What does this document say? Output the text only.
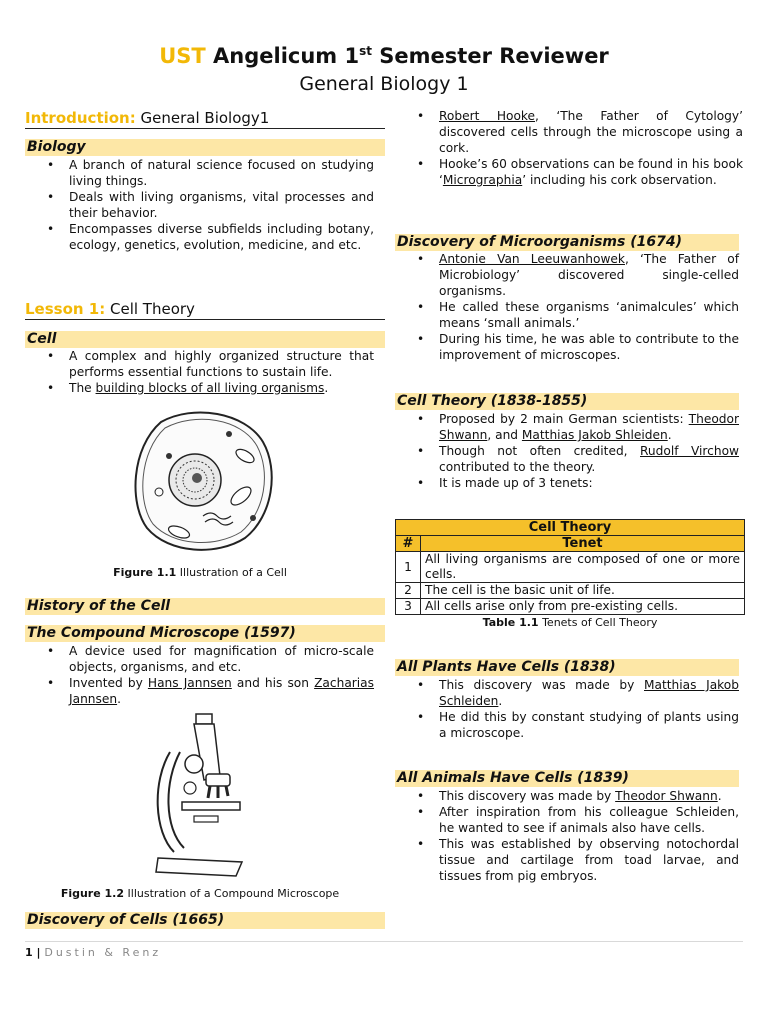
UST Angelicum 1st Semester Reviewer
General Biology 1
Introduction: General Biology1
Biology
• A branch of natural science focused on studying living things.
• Deals with living organisms, vital processes and their behavior.
• Encompasses diverse subfields including botany, ecology, genetics, evolution, medicine, and etc.
Lesson 1: Cell Theory
Cell
• A complex and highly organized structure that performs essential functions to sustain life.
• The building blocks of all living organisms.
Figure 1.1 Illustration of a Cell
History of the Cell
The Compound Microscope (1597)
• A device used for magnification of micro-scale objects, organisms, and etc.
• Invented by Hans Jannsen and his son Zacharias Jannsen.
Figure 1.2 Illustration of a Compound Microscope
Discovery of Cells (1665)
• Robert Hooke, ‘The Father of Cytology’ discovered cells through the microscope using a cork.
• Hooke’s 60 observations can be found in his book ‘Micrographia’ including his cork observation.
Discovery of Microorganisms (1674)
• Antonie Van Leeuwanhowek, ‘The Father of Microbiology’ discovered single-celled organisms.
• He called these organisms ‘animalcules’ which means ‘small animals.’
• During his time, he was able to contribute to the improvement of microscopes.
Cell Theory (1838-1855)
• Proposed by 2 main German scientists: Theodor Shwann, and Matthias Jakob Shleiden.
• Though not often credited, Rudolf Virchow contributed to the theory.
• It is made up of 3 tenets:
Cell Theory	
#	Tenet
1	All living organisms are composed of one or more cells.
2	The cell is the basic unit of life.
3	All cells arise only from pre-existing cells.
Table 1.1 Tenets of Cell Theory
All Plants Have Cells (1838)
• This discovery was made by Matthias Jakob Schleiden.
• He did this by constant studying of plants using a microscope.
All Animals Have Cells (1839)
• This discovery was made by Theodor Shwann.
• After inspiration from his colleague Schleiden, he wanted to see if animals also have cells.
• This was established by observing notochordal tissue and cartilage from toad larvae, and tissues from pig embryos.
1 | Dustin & Renz
